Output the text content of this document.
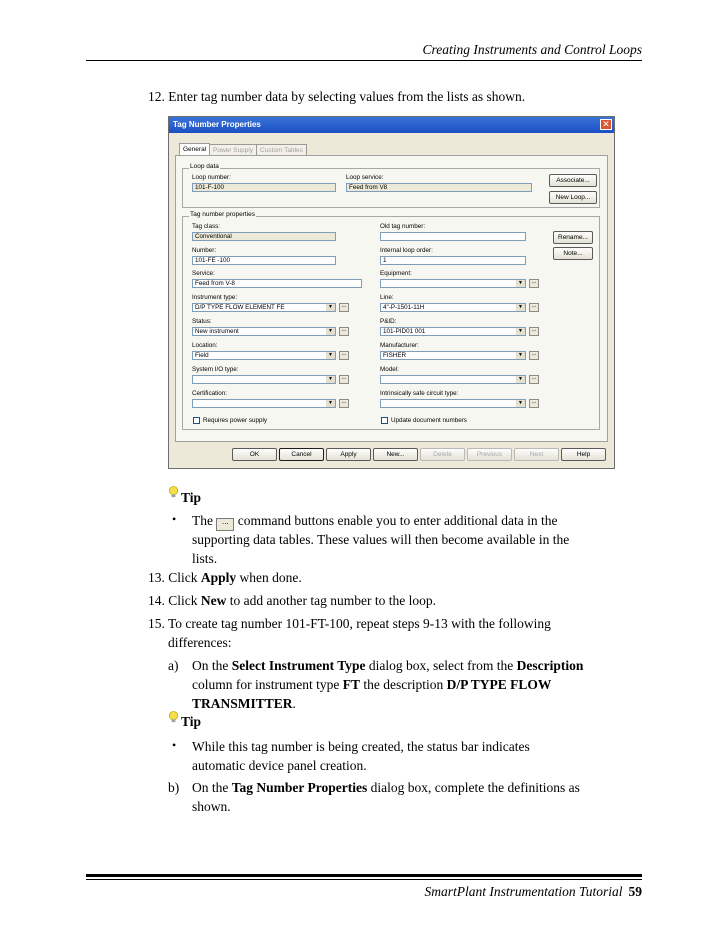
Creating Instruments and Control Loops
12. Enter tag number data by selecting values from the lists as shown.
Tag Number Properties	✕
General	Power Supply	Custom Tables
Loop data
Loop number:
101-F-100
Loop service:
Feed from V8
Associate...
New Loop...
Tag number properties
Tag class:
Conventional
Old tag number:
Rename...
Number:
101-FE -100
Internal loop order:
1
Note...
Service:
Feed from V-8
Equipment:
▼	...
Instrument type:
D/P TYPE FLOW ELEMENT FE	▼	...
Line:
4"-P-1501-11H	▼	...
Status:
New instrument	▼	...
P&ID:
101-PID01 001	▼	...
Location:
Field	▼	...
Manufacturer:
FISHER	▼	...
System I/O type:
▼	...
Model:
▼	...
Certification:
▼	...
Intrinsically safe circuit type:
▼	...
Requires power supply	Update document numbers
OK	Cancel	Apply	New...	Delete	Previous	Next	Help
Tip
• The ... command buttons enable you to enter additional data in the
supporting data tables. These values will then become available in the
lists.
13. Click Apply when done.
14. Click New to add another tag number to the loop.
15. To create tag number 101-FT-100, repeat steps 9-13 with the following
differences:
a) On the Select Instrument Type dialog box, select from the Description
column for instrument type FT the description D/P TYPE FLOW
TRANSMITTER.
Tip
• While this tag number is being created, the status bar indicates
automatic device panel creation.
b) On the Tag Number Properties dialog box, complete the definitions as
shown.
SmartPlant Instrumentation Tutorial 59
